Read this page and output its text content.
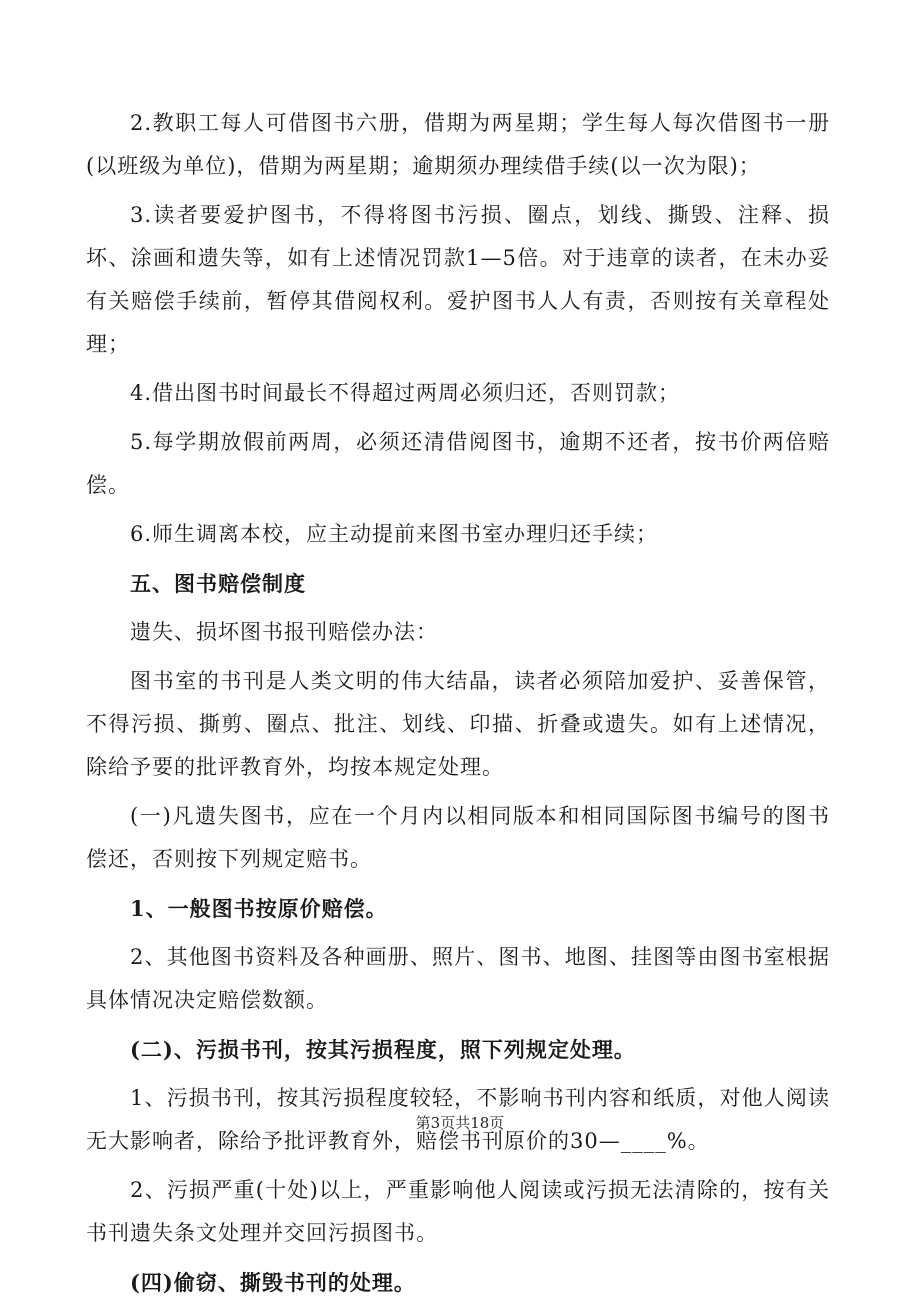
2.教职工每人可借图书六册，借期为两星期；学生每人每次借图书一册(以班级为单位)，借期为两星期；逾期须办理续借手续(以一次为限)；

3.读者要爱护图书，不得将图书污损、圈点，划线、撕毁、注释、损坏、涂画和遗失等，如有上述情况罚款1—5倍。对于违章的读者，在未办妥有关赔偿手续前，暂停其借阅权利。爱护图书人人有责，否则按有关章程处理；

4.借出图书时间最长不得超过两周必须归还，否则罚款；

5.每学期放假前两周，必须还清借阅图书，逾期不还者，按书价两倍赔偿。

6.师生调离本校，应主动提前来图书室办理归还手续；

五、图书赔偿制度

遗失、损坏图书报刊赔偿办法：

图书室的书刊是人类文明的伟大结晶，读者必须陪加爱护、妥善保管，不得污损、撕剪、圈点、批注、划线、印描、折叠或遗失。如有上述情况，除给予要的批评教育外，均按本规定处理。

(一)凡遗失图书，应在一个月内以相同版本和相同国际图书编号的图书偿还，否则按下列规定赔书。

1、一般图书按原价赔偿。

2、其他图书资料及各种画册、照片、图书、地图、挂图等由图书室根据具体情况决定赔偿数额。

(二)、污损书刊，按其污损程度，照下列规定处理。

1、污损书刊，按其污损程度较轻，不影响书刊内容和纸质，对他人阅读无大影响者，除给予批评教育外，赔偿书刊原价的30—____%。

2、污损严重(十处)以上，严重影响他人阅读或污损无法清除的，按有关书刊遗失条文处理并交回污损图书。

(四)偷窃、撕毁书刊的处理。

第3页共18页
